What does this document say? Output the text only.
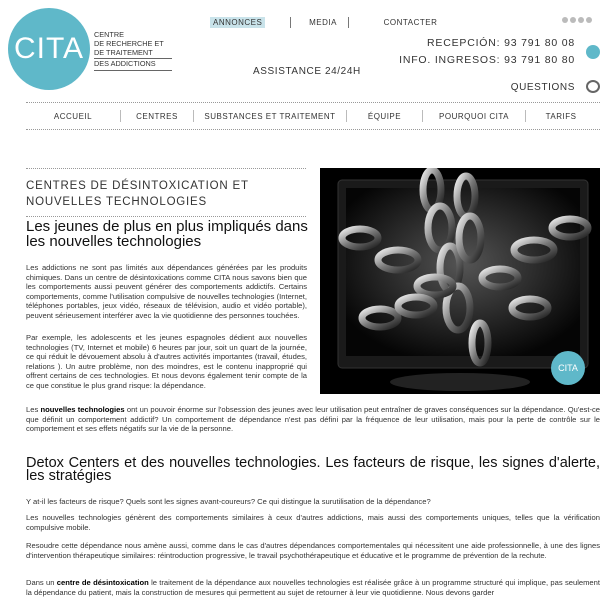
CITA	CENTRE
DE RECHERCHE ET
DE TRAITEMENT
DES ADDICTIONS
ANNONCES	MEDIA	CONTACTER
RECEPCIÓN: 93 791 80 08
INFO. INGRESOS: 93 791 80 80
ASSISTANCE 24/24H
QUESTIONS
ACCUEIL	CENTRES	SUBSTANCES ET TRAITEMENT	ÉQUIPE	POURQUOI CITA	TARIFS
CENTRES DE DÉSINTOXICATION ET NOUVELLES TECHNOLOGIES
Les jeunes de plus en plus impliqués dans les nouvelles technologies
Les addictions ne sont pas limités aux dépendances générées par les produits chimiques. Dans un centre de désintoxications comme CITA nous savons bien que les comportements aussi peuvent générer des comportements addictifs. Certains comportements, comme l'utilisation compulsive de nouvelles technologies (Internet, téléphones portables, jeux vidéo, réseaux de télévision, audio et vidéo portable), peuvent sérieusement interférer avec la vie quotidienne des personnes touchées.
Par exemple, les adolescents et les jeunes espagnoles dédient aux nouvelles technologies (TV, Internet et mobile) 6 heures par jour, soit un quart de la journée, ce qui réduit le dévouement absolu à d'autres activités importantes (travail, études, relations ). Un autre problème, non des moindres, est le contenu inapproprié qui offrent certains de ces technologies. Et nous devons également tenir compte de la ce que constitue le plus grand risque: la dépendance.
Les nouvelles technologies ont un pouvoir énorme sur l'obsession des jeunes avec leur utilisation peut entraîner de graves conséquences sur la dépendance. Qu'est-ce que définit un comportement addictif? Un comportement de dépendance n'est pas défini par la fréquence de leur utilisation, mais pour la perte de contrôle sur le comportement et ses effets négatifs sur la vie de la personne.
Detox Centers et des nouvelles technologies. Les facteurs de risque, les signes d'alerte, les stratégies
Y at-il les facteurs de risque? Quels sont les signes avant-coureurs? Ce qui distingue la surutilisation de la dépendance?
Les nouvelles technologies génèrent des comportements similaires à ceux d'autres addictions, mais aussi des comportements uniques, telles que la vérification compulsive mobile.
Resoudre cette dépendance nous amène aussi, comme dans le cas d'autres dépendances comportementales qui nécessitent une aide professionnelle, à une des lignes d'intervention thérapeutique similaires: réintroduction progressive, le travail psychothérapeutique et éducative et le programme de prévention de la rechute.
Dans un centre de désintoxication le traitement de la dépendance aux nouvelles technologies est réalisée grâce à un programme structuré qui implique, pas seulement la dépendance du patient, mais la construction de mesures qui permettent au sujet de retourner à leur vie quotidienne. Nous devons garder
CITA
